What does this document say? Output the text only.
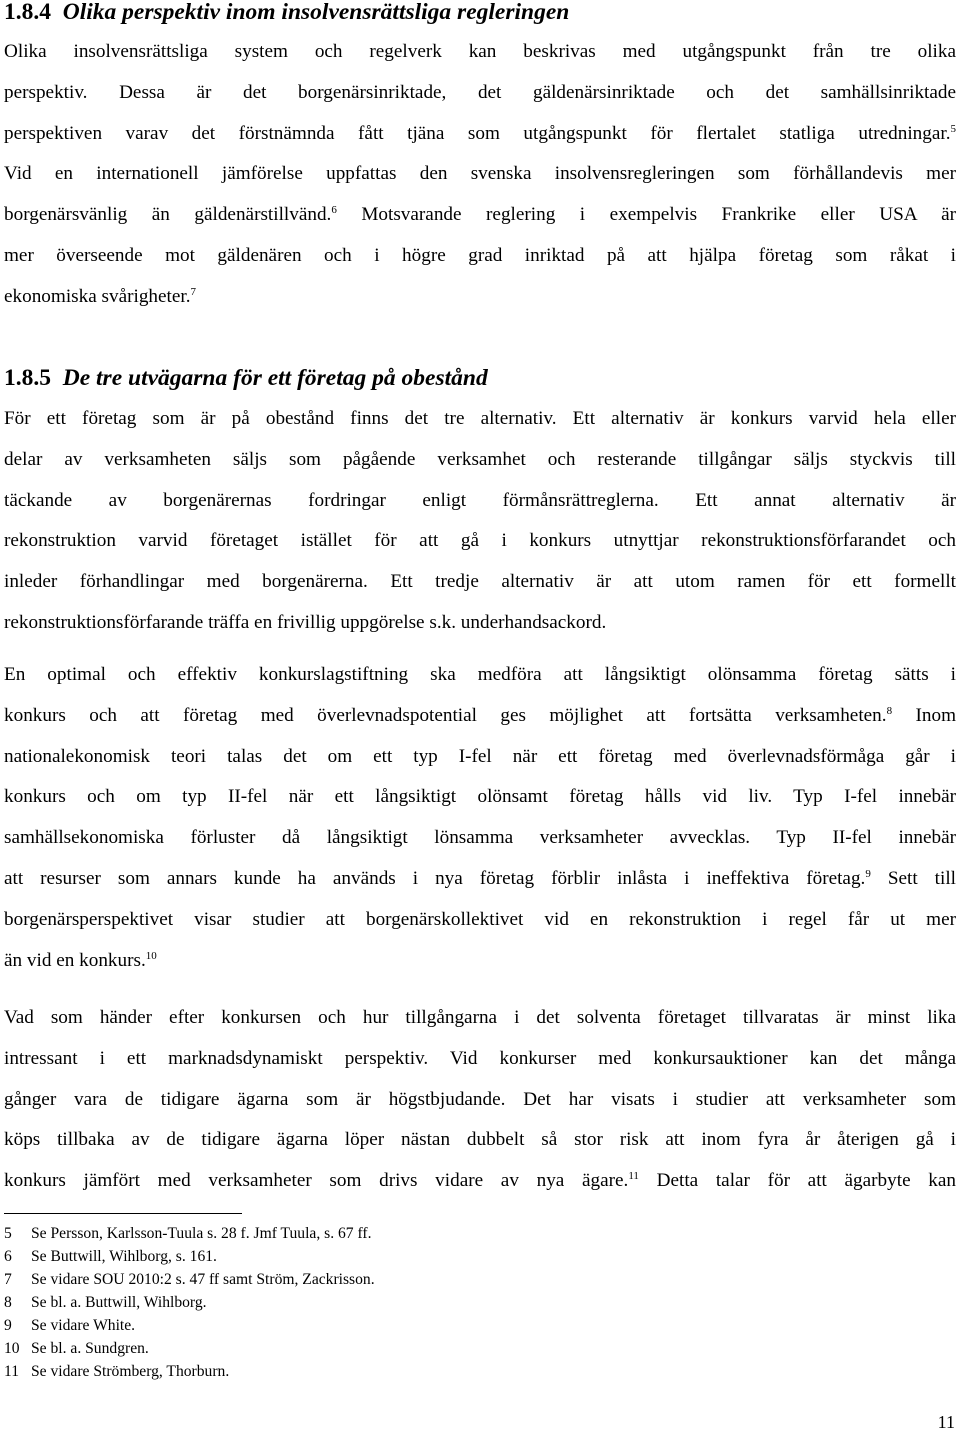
1.8.4 Olika perspektiv inom insolvensrättsliga regleringen
Olika insolvensrättsliga system och regelverk kan beskrivas med utgångspunkt från tre olika
perspektiv. Dessa är det borgenärsinriktade, det gäldenärsinriktade och det samhällsinriktade
perspektiven varav det förstnämnda fått tjäna som utgångspunkt för flertalet statliga utredningar.$^5$
Vid en internationell jämförelse uppfattas den svenska insolvensregleringen som förhållandevis mer
borgenärsvänlig än gäldenärstillvänd.$^6$ Motsvarande reglering i exempelvis Frankrike eller USA är
mer överseende mot gäldenären och i högre grad inriktad på att hjälpa företag som råkat i
ekonomiska svårigheter.$^7$
1.8.5 De tre utvägarna för ett företag på obestånd
För ett företag som är på obestånd finns det tre alternativ. Ett alternativ är konkurs varvid hela eller
delar av verksamheten säljs som pågående verksamhet och resterande tillgångar säljs styckvis till
täckande av borgenärernas fordringar enligt förmånsrättreglerna. Ett annat alternativ är
rekonstruktion varvid företaget istället för att gå i konkurs utnyttjar rekonstruktionsförfarandet och
inleder förhandlingar med borgenärerna. Ett tredje alternativ är att utom ramen för ett formellt
rekonstruktionsförfarande träffa en frivillig uppgörelse s.k. underhandsackord.
En optimal och effektiv konkurslagstiftning ska medföra att långsiktigt olönsamma företag sätts i
konkurs och att företag med överlevnadspotential ges möjlighet att fortsätta verksamheten.$^8$ Inom
nationalekonomisk teori talas det om ett typ I-fel när ett företag med överlevnadsförmåga går i
konkurs och om typ II-fel när ett långsiktigt olönsamt företag hålls vid liv. Typ I-fel innebär
samhällsekonomiska förluster då långsiktigt lönsamma verksamheter avvecklas. Typ II-fel innebär
att resurser som annars kunde ha används i nya företag förblir inlåsta i ineffektiva företag.$^9$ Sett till
borgenärsperspektivet visar studier att borgenärskollektivet vid en rekonstruktion i regel får ut mer
än vid en konkurs.$^{10}$
Vad som händer efter konkursen och hur tillgångarna i det solventa företaget tillvaratas är minst lika
intressant i ett marknadsdynamiskt perspektiv. Vid konkurser med konkursauktioner kan det många
gånger vara de tidigare ägarna som är högstbjudande. Det har visats i studier att verksamheter som
köps tillbaka av de tidigare ägarna löper nästan dubbelt så stor risk att inom fyra år återigen gå i
konkurs jämfört med verksamheter som drivs vidare av nya ägare.$^{11}$ Detta talar för att ägarbyte kan
5 Se Persson, Karlsson-Tuula s. 28 f. Jmf Tuula, s. 67 ff.
6 Se Buttwill, Wihlborg, s. 161.
7 Se vidare SOU 2010:2 s. 47 ff samt Ström, Zackrisson.
8 Se bl. a. Buttwill, Wihlborg.
9 Se vidare White.
10 Se bl. a. Sundgren.
11 Se vidare Strömberg, Thorburn.
11
